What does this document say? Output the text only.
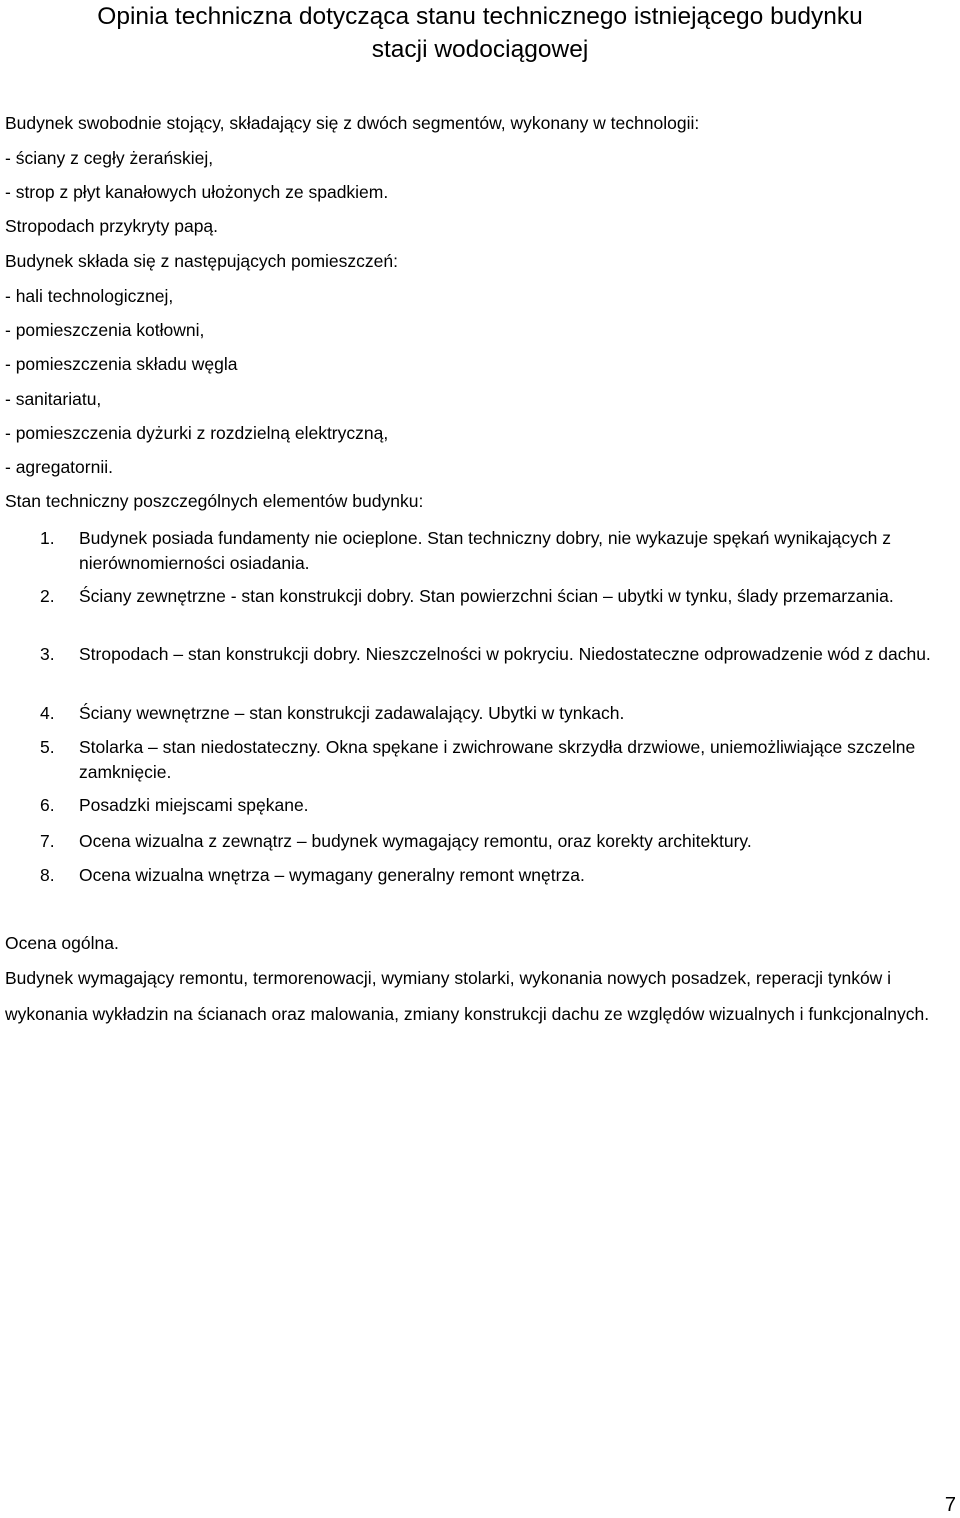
Opinia techniczna dotycząca stanu technicznego istniejącego budynku
stacji wodociągowej
Budynek swobodnie stojący, składający się z dwóch segmentów, wykonany w technologii:
- ściany z cegły żerańskiej,
- strop z płyt kanałowych ułożonych ze spadkiem.
Stropodach przykryty papą.
Budynek składa się z następujących pomieszczeń:
- hali technologicznej,
- pomieszczenia kotłowni,
- pomieszczenia składu węgla
- sanitariatu,
- pomieszczenia dyżurki z rozdzielną elektryczną,
- agregatornii.
Stan techniczny poszczególnych elementów budynku:
1. Budynek posiada fundamenty nie ocieplone. Stan techniczny dobry, nie wykazuje spękań wynikających z nierównomierności osiadania.
2. Ściany zewnętrzne - stan konstrukcji dobry. Stan powierzchni ścian – ubytki w tynku, ślady przemarzania.
3. Stropodach – stan konstrukcji dobry. Nieszczelności w pokryciu. Niedostateczne odprowadzenie wód z dachu.
4. Ściany wewnętrzne – stan konstrukcji zadawalający. Ubytki w tynkach.
5. Stolarka – stan niedostateczny. Okna spękane i zwichrowane skrzydła drzwiowe, uniemożliwiające szczelne zamknięcie.
6. Posadzki miejscami spękane.
7. Ocena wizualna z zewnątrz – budynek wymagający remontu, oraz korekty architektury.
8. Ocena wizualna wnętrza – wymagany generalny remont wnętrza.
Ocena ogólna.
Budynek wymagający remontu, termorenowacji, wymiany stolarki, wykonania nowych posadzek, reperacji tynków i wykonania wykładzin na ścianach oraz malowania, zmiany konstrukcji dachu ze względów wizualnych i funkcjonalnych.
7
